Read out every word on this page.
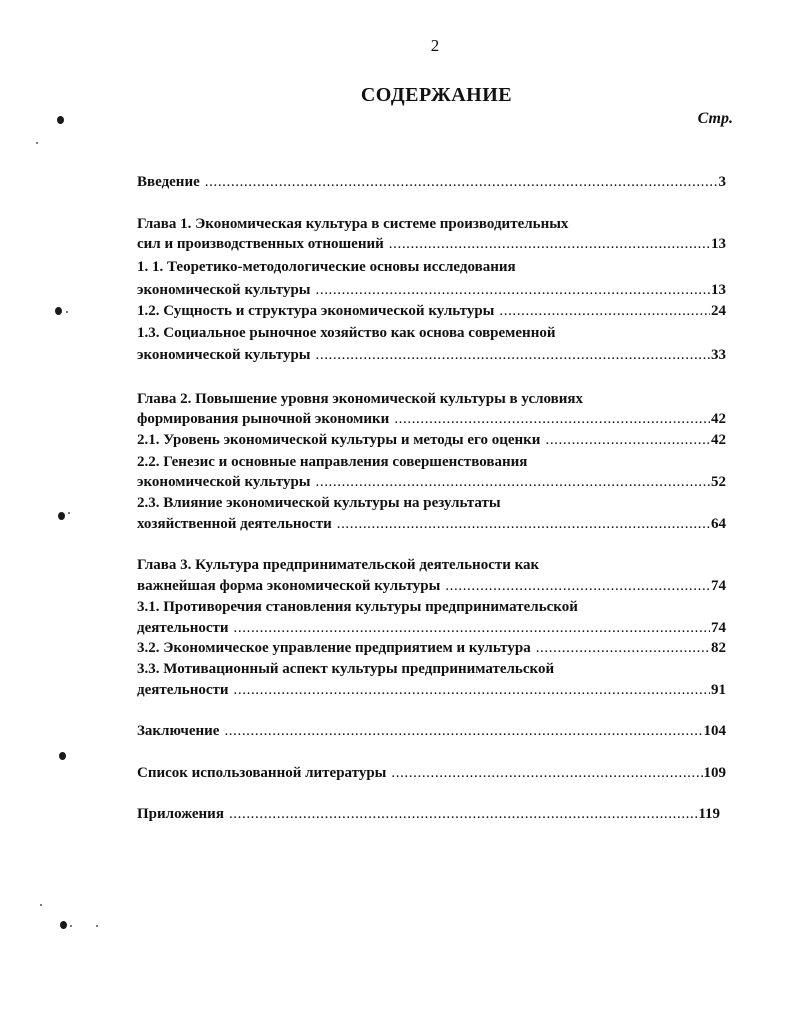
2
СОДЕРЖАНИЕ
Стр.
Введение .....	3
Глава 1. Экономическая культура в системе производительных
сил и производственных отношений .....	13
1. 1. Теоретико-методологические основы исследования
экономической культуры .....	13
1.2. Сущность и структура экономической культуры .....	24
1.3. Социальное рыночное хозяйство как основа современной
экономической культуры .....	33
Глава 2. Повышение уровня экономической культуры в условиях
формирования рыночной экономики .....	42
2.1. Уровень экономической культуры и методы его оценки .....	42
2.2. Генезис и основные направления совершенствования
экономической культуры .....	52
2.3. Влияние экономической культуры на результаты
хозяйственной деятельности .....	64
Глава 3. Культура предпринимательской деятельности как
важнейшая форма экономической культуры .....	74
3.1. Противоречия становления культуры предпринимательской
деятельности .....	74
3.2. Экономическое управление предприятием и культура .....	82
3.3. Мотивационный аспект культуры предпринимательской
деятельности .....	91
Заключение .....	104
Список использованной литературы .....	109
Приложения .....	119
